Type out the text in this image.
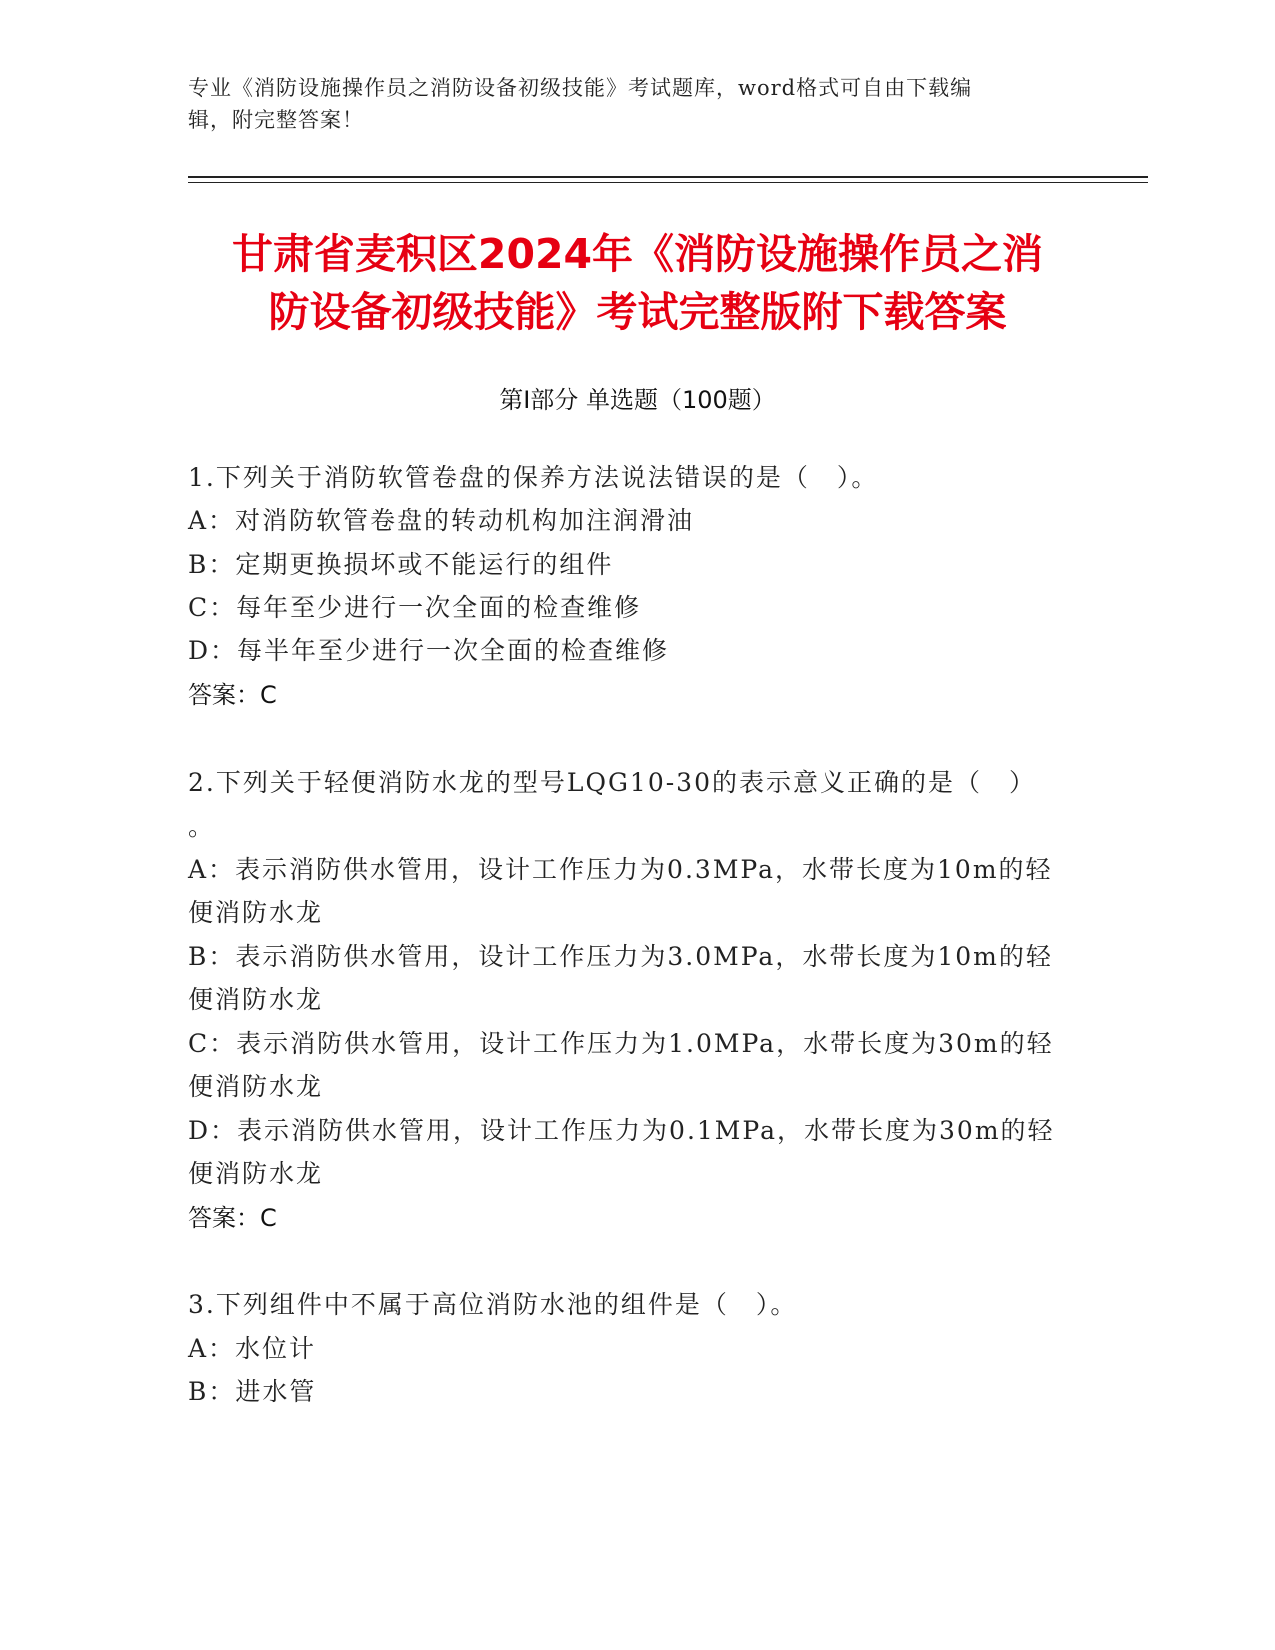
专业《消防设施操作员之消防设备初级技能》考试题库，word格式可自由下载编
辑，附完整答案！
甘肃省麦积区2024年《消防设施操作员之消
防设备初级技能》考试完整版附下载答案
第Ⅰ部分 单选题（100题）
1.下列关于消防软管卷盘的保养方法说法错误的是（　）。
A：对消防软管卷盘的转动机构加注润滑油
B：定期更换损坏或不能运行的组件
C：每年至少进行一次全面的检查维修
D：每半年至少进行一次全面的检查维修
答案：C
2.下列关于轻便消防水龙的型号LQG10-30的表示意义正确的是（　）
。
A：表示消防供水管用，设计工作压力为0.3MPa，水带长度为10m的轻
便消防水龙
B：表示消防供水管用，设计工作压力为3.0MPa，水带长度为10m的轻
便消防水龙
C：表示消防供水管用，设计工作压力为1.0MPa，水带长度为30m的轻
便消防水龙
D：表示消防供水管用，设计工作压力为0.1MPa，水带长度为30m的轻
便消防水龙
答案：C
3.下列组件中不属于高位消防水池的组件是（　）。
A：水位计
B：进水管
